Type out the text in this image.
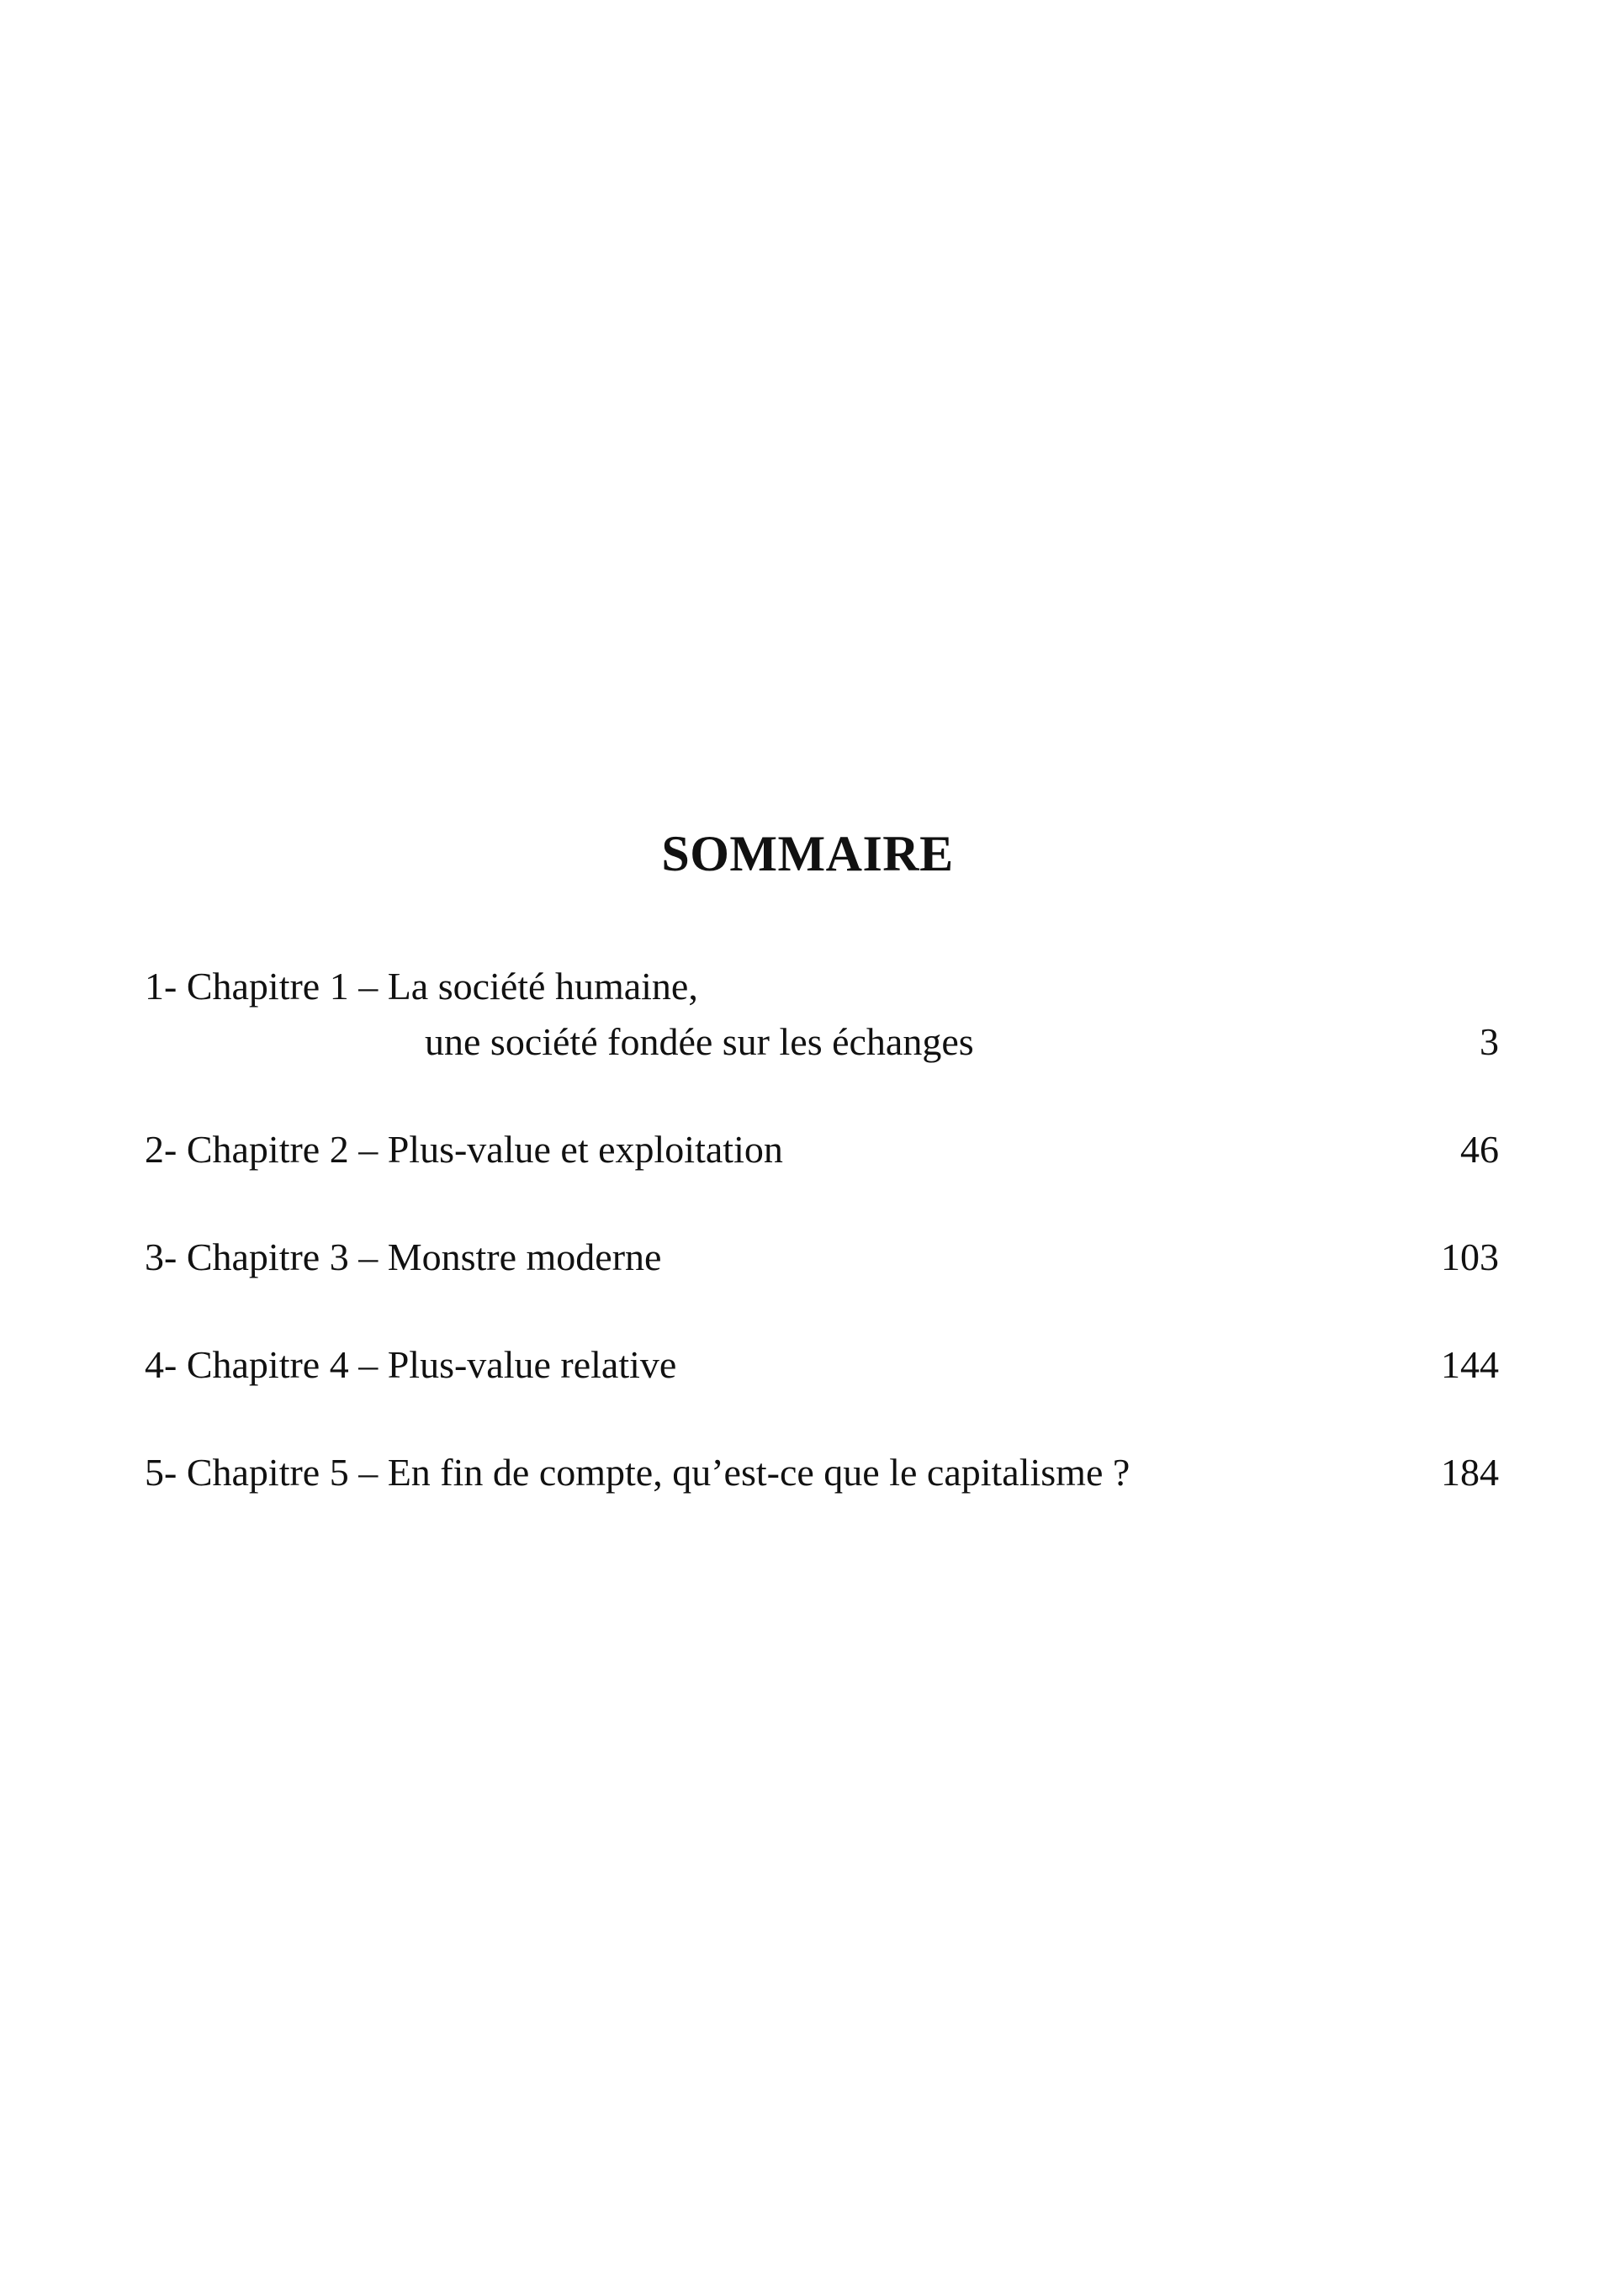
SOMMAIRE
1- Chapitre 1 – La société humaine,
une société fondée sur les échanges	3
2- Chapitre 2 – Plus-value et exploitation	46
3- Chapitre 3 – Monstre moderne	103
4- Chapitre 4 – Plus-value relative	144
5- Chapitre 5 – En fin de compte, qu’est-ce que le capitalisme ?	184
